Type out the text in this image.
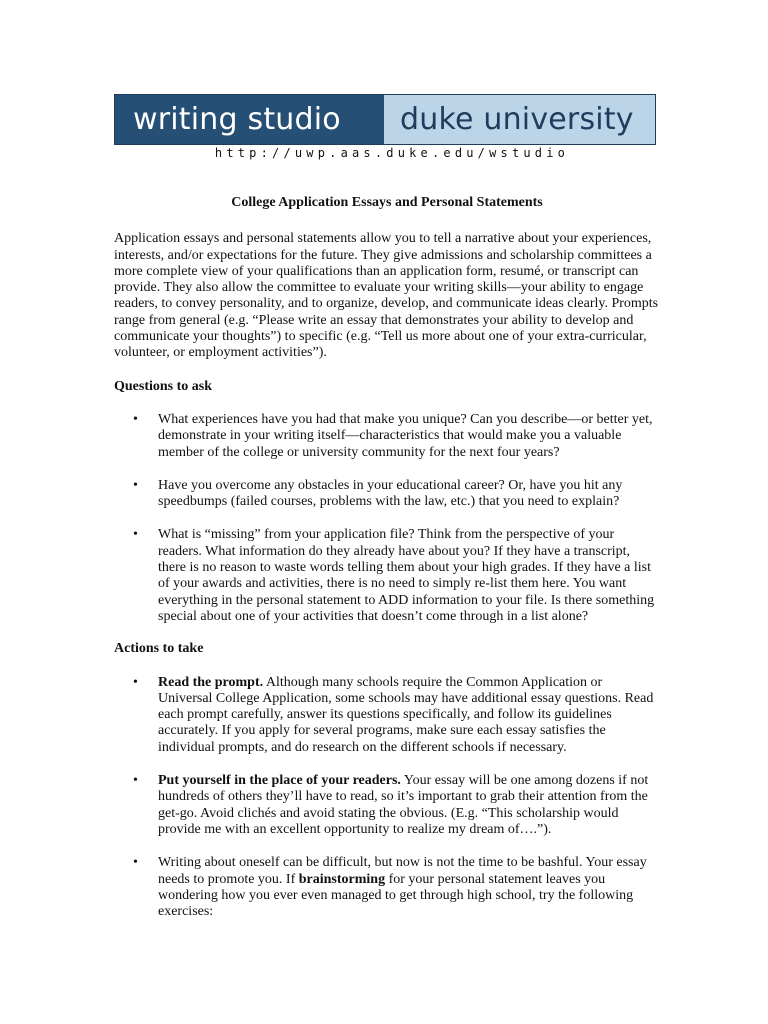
writing studio	duke university
http://uwp.aas.duke.edu/wstudio
College Application Essays and Personal Statements

Application essays and personal statements allow you to tell a narrative about your experiences, interests, and/or expectations for the future. They give admissions and scholarship committees a more complete view of your qualifications than an application form, resumé, or transcript can provide. They also allow the committee to evaluate your writing skills—your ability to engage readers, to convey personality, and to organize, develop, and communicate ideas clearly. Prompts range from general (e.g. “Please write an essay that demonstrates your ability to develop and communicate your thoughts”) to specific (e.g. “Tell us more about one of your extra-curricular, volunteer, or employment activities”).

Questions to ask
• What experiences have you had that make you unique? Can you describe—or better yet, demonstrate in your writing itself—characteristics that would make you a valuable member of the college or university community for the next four years?
• Have you overcome any obstacles in your educational career? Or, have you hit any speedbumps (failed courses, problems with the law, etc.) that you need to explain?
• What is “missing” from your application file? Think from the perspective of your readers. What information do they already have about you? If they have a transcript, there is no reason to waste words telling them about your high grades. If they have a list of your awards and activities, there is no need to simply re-list them here. You want everything in the personal statement to ADD information to your file. Is there something special about one of your activities that doesn’t come through in a list alone?
Actions to take
• Read the prompt. Although many schools require the Common Application or Universal College Application, some schools may have additional essay questions. Read each prompt carefully, answer its questions specifically, and follow its guidelines accurately. If you apply for several programs, make sure each essay satisfies the individual prompts, and do research on the different schools if necessary.
• Put yourself in the place of your readers. Your essay will be one among dozens if not hundreds of others they’ll have to read, so it’s important to grab their attention from the get-go. Avoid clichés and avoid stating the obvious. (E.g. “This scholarship would provide me with an excellent opportunity to realize my dream of….”).
• Writing about oneself can be difficult, but now is not the time to be bashful. Your essay needs to promote you. If brainstorming for your personal statement leaves you wondering how you ever even managed to get through high school, try the following exercises:
